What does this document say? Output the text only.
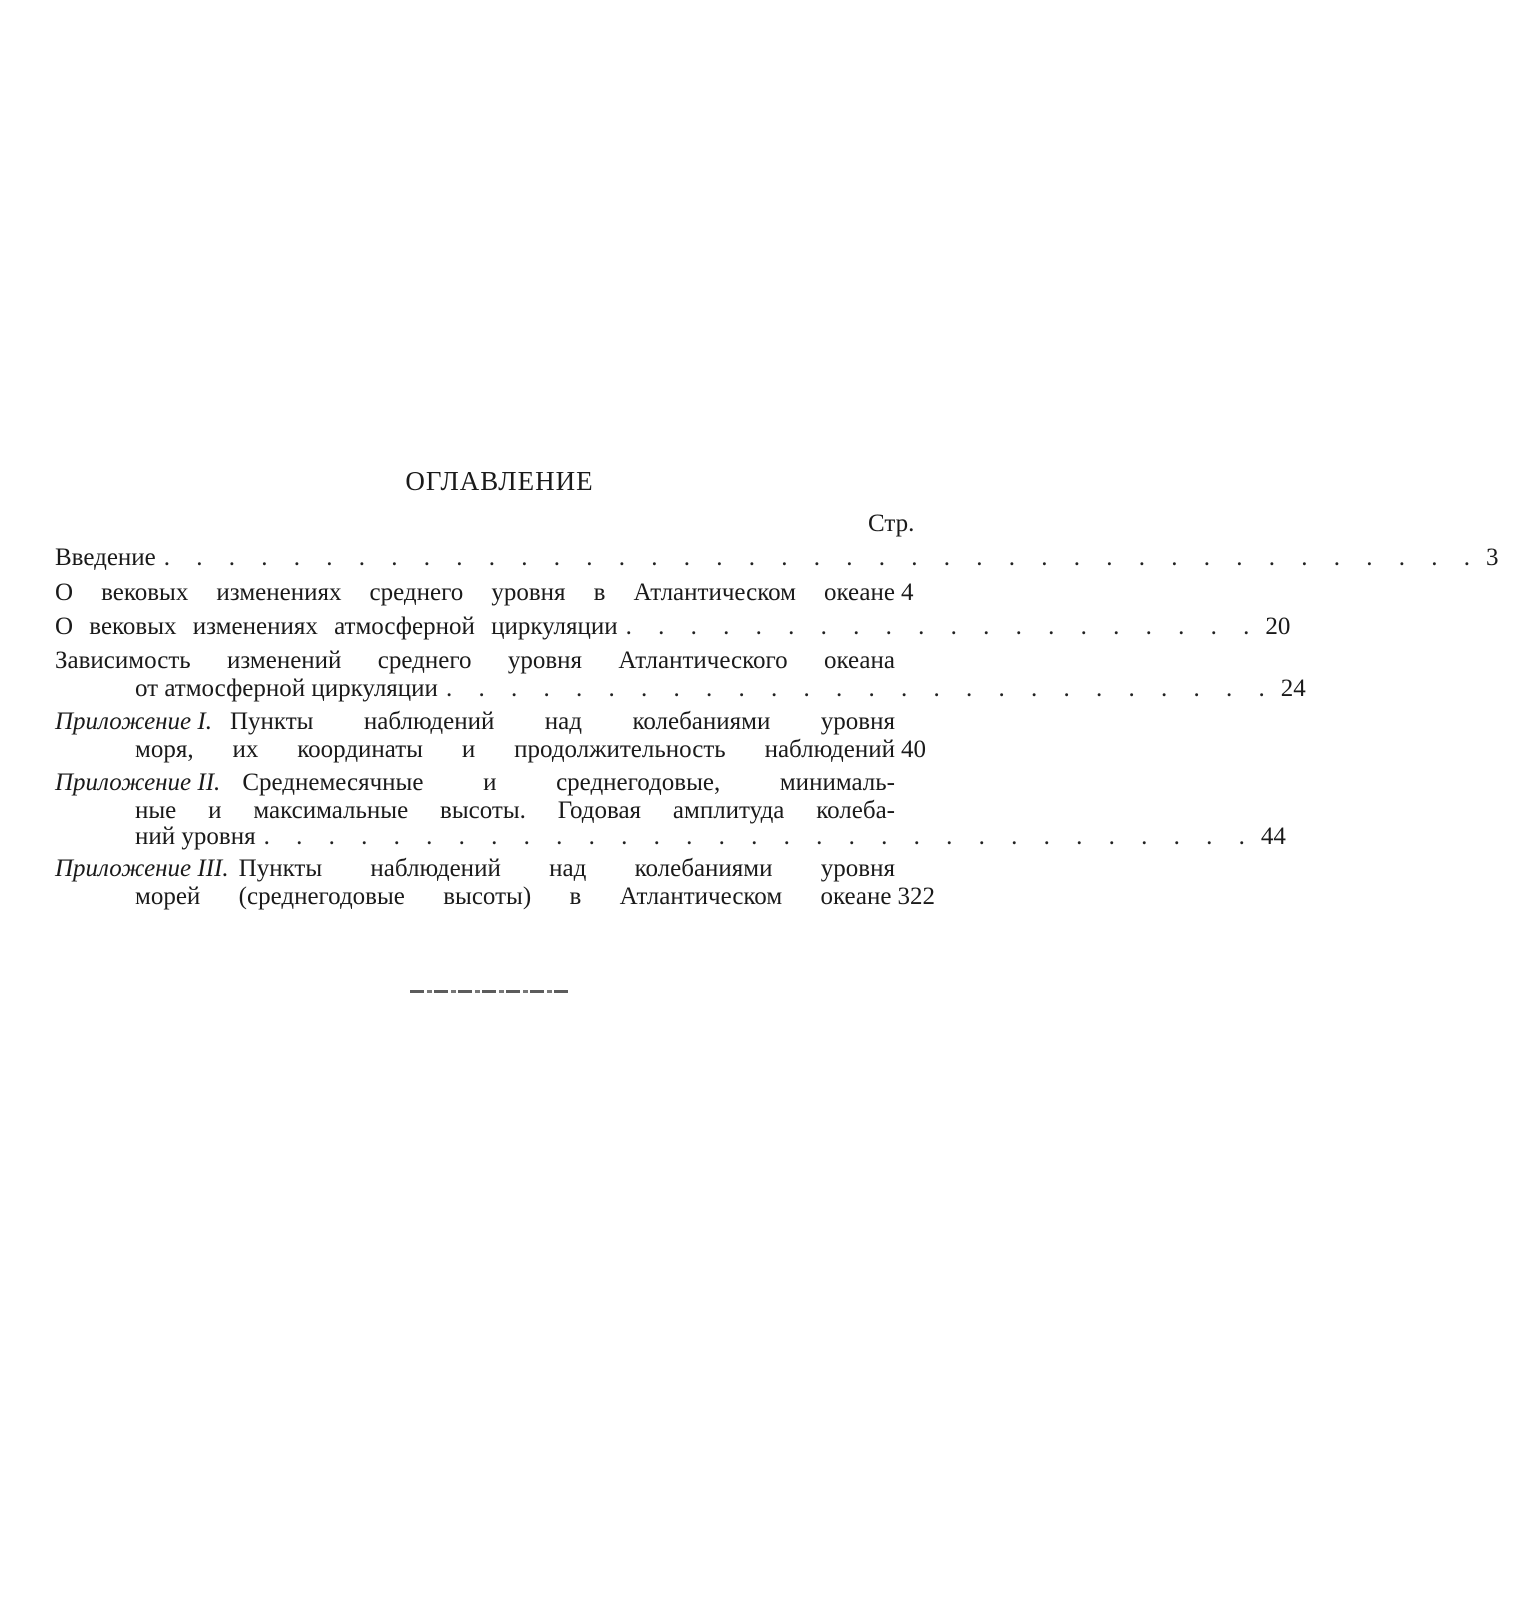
ОГЛАВЛЕНИЕ
Стр.
Введение . . . . . . . . . . . . . . . . . . . . . . . . . . . . . . . . . . . . . . . . . 3
О вековых изменениях среднего уровня в Атлантическом океане 4
О вековых изменениях атмосферной циркуляции . . . . . . . . . . . . . . . . . . . . 20
Зависимость изменений среднего уровня Атлантического океана
от атмосферной циркуляции . . . . . . . . . . . . . . . . . . . . . . . . . . 24
Приложение I. Пункты наблюдений над колебаниями уровня
моря, их координаты и продолжительность наблюдений 40
Приложение II. Среднемесячные и среднегодовые, минималь-
ные и максимальные высоты. Годовая амплитуда колеба-
ний уровня . . . . . . . . . . . . . . . . . . . . . . . . . . . . . . . 44
Приложение III. Пункты наблюдений над колебаниями уровня
морей (среднегодовые высоты) в Атлантическом океане 322
